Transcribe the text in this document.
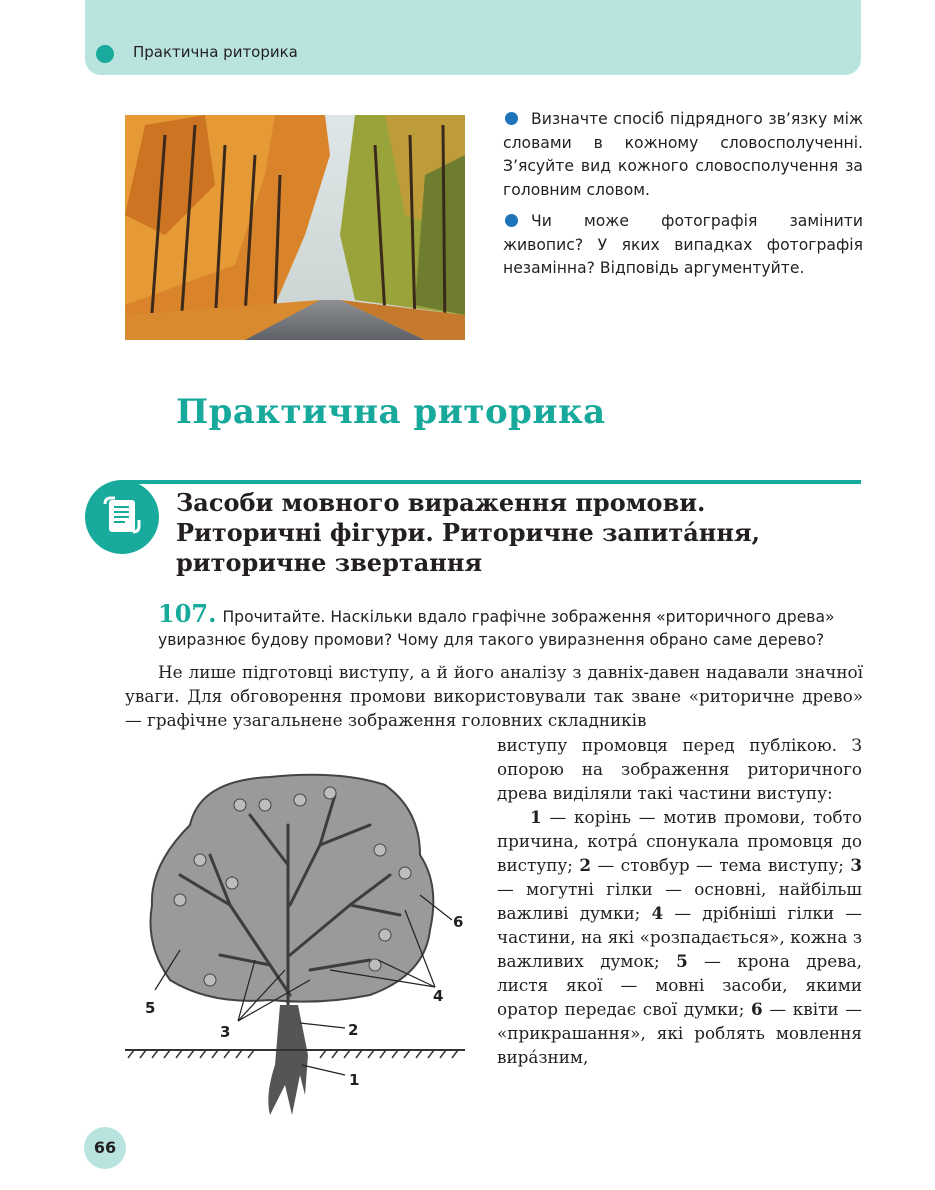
Практична риторика
Визначте спосіб підрядного зв’язку між словами в кожному словосполученні. З’ясуйте вид кожного словосполучення за головним словом.
Чи може фотографія замінити живопис? У яких випадках фотографія незамінна? Відповідь аргументуйте.
Практична риторика
Засоби мовного вираження промови.
Риторичні фігури. Риторичне запита́ння,
риторичне звертання
107. Прочитайте. Наскільки вдало графічне зображення «риторичного древа» увиразнює будову промови? Чому для такого увиразнення обрано саме дерево?
Не лише підготовці виступу, а й його аналізу з давніх-давен надавали значної уваги. Для обговорення промови використовували так зване «риторичне древо» — графічне узагальнене зображення головних складників

виступу промовця перед публікою. З опорою на зображення риторичного древа виділяли такі частини виступу:

1 — корінь — мотив промови, тобто причина, котра́ спонукала промовця до виступу; 2 — стовбур — тема виступу; 3 — могутні гілки — основні, найбільш важливі думки; 4 — дрібніші гілки — частини, на які «розпадається», кожна з важливих думок; 5 — крона древа, листя якої — мовні засоби, якими оратор передає свої думки; 6 — квіти — «прикрашання», які роблять мовлення вира́зним,

1
2
3
4
5
6
66
